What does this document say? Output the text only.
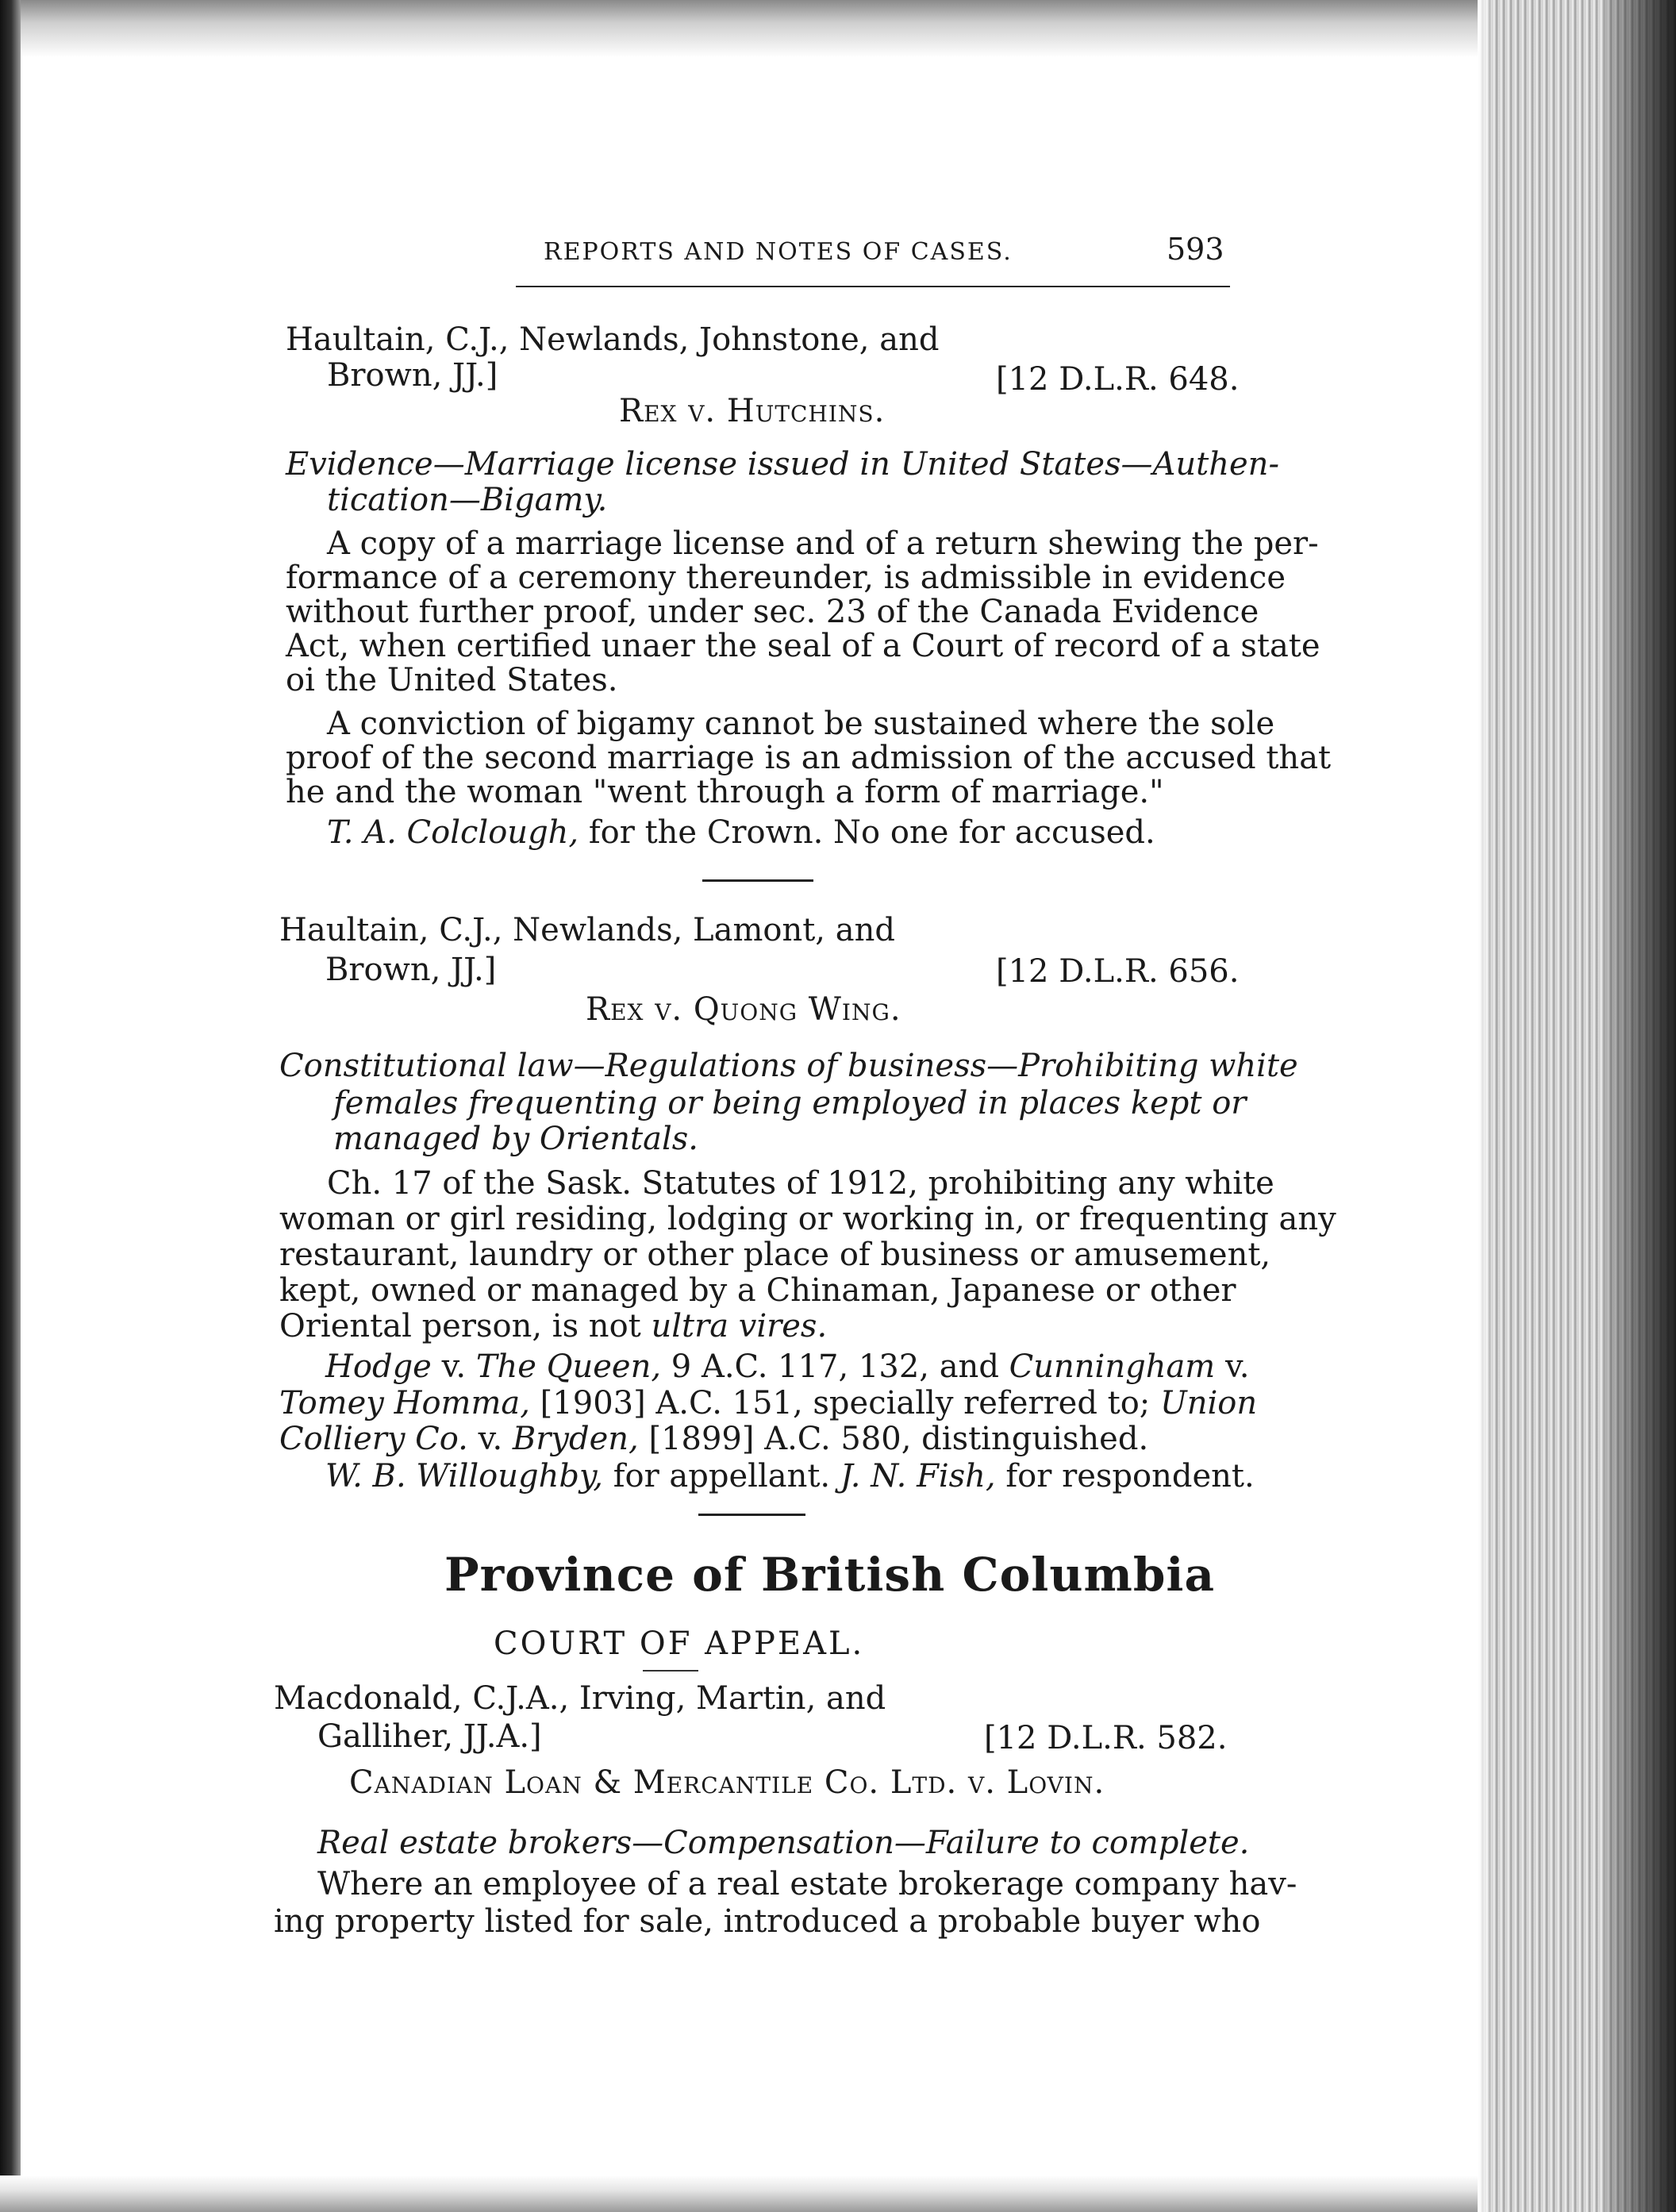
REPORTS AND NOTES OF CASES.	593
Haultain, C.J., Newlands, Johnstone, and
Brown, JJ.]	[12 D.L.R. 648.
Rex v. Hutchins.
Evidence—Marriage license issued in United States—Authen-
tication—Bigamy.
A copy of a marriage license and of a return shewing the per-
formance of a ceremony thereunder, is admissible in evidence
without further proof, under sec. 23 of the Canada Evidence
Act, when certified unaer the seal of a Court of record of a state
oi the United States.
A conviction of bigamy cannot be sustained where the sole
proof of the second marriage is an admission of the accused that
he and the woman "went through a form of marriage."
T. A. Colclough, for the Crown. No one for accused.
Haultain, C.J., Newlands, Lamont, and
Brown, JJ.]	[12 D.L.R. 656.
Rex v. Quong Wing.
Constitutional law—Regulations of business—Prohibiting white
females frequenting or being employed in places kept or
managed by Orientals.
Ch. 17 of the Sask. Statutes of 1912, prohibiting any white
woman or girl residing, lodging or working in, or frequenting any
restaurant, laundry or other place of business or amusement,
kept, owned or managed by a Chinaman, Japanese or other
Oriental person, is not ultra vires.
Hodge v. The Queen, 9 A.C. 117, 132, and Cunningham v.
Tomey Homma, [1903] A.C. 151, specially referred to; Union
Colliery Co. v. Bryden, [1899] A.C. 580, distinguished.
W. B. Willoughby, for appellant. J. N. Fish, for respondent.
Province of British Columbia
COURT OF APPEAL.
Macdonald, C.J.A., Irving, Martin, and
Galliher, JJ.A.]	[12 D.L.R. 582.
Canadian Loan & Mercantile Co. Ltd. v. Lovin.
Real estate brokers—Compensation—Failure to complete.
Where an employee of a real estate brokerage company hav-
ing property listed for sale, introduced a probable buyer who
